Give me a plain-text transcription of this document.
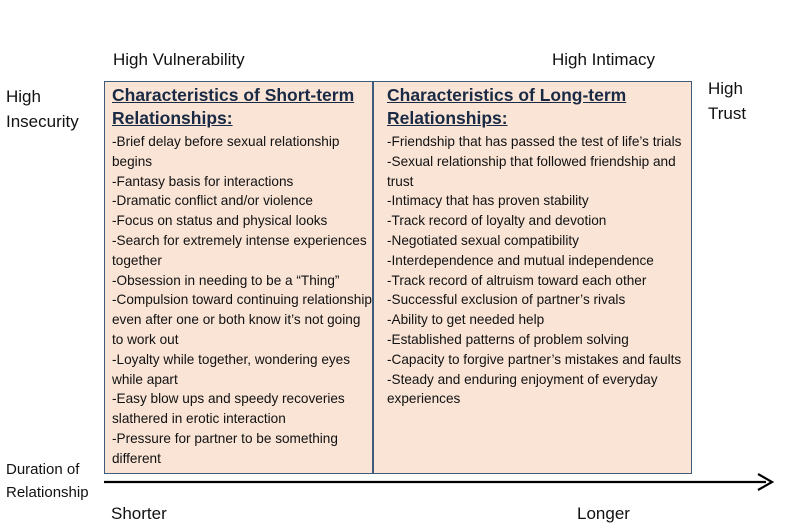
High Vulnerability	High Intimacy
High
Insecurity
High
Trust
Characteristics of Short-term
Relationships:
-Brief delay before sexual relationship begins
-Fantasy basis for interactions
-Dramatic conflict and/or violence
-Focus on status and physical looks
-Search for extremely intense experiences together
-Obsession in needing to be a “Thing”
-Compulsion toward continuing relationship even after one or both know it’s not going to work out
-Loyalty while together, wondering eyes while apart
-Easy blow ups and speedy recoveries slathered in erotic interaction
-Pressure for partner to be something different
Characteristics of Long-term
Relationships:
-Friendship that has passed the test of life’s trials
-Sexual relationship that followed friendship and trust
-Intimacy that has proven stability
-Track record of loyalty and devotion
-Negotiated sexual compatibility
-Interdependence and mutual independence
-Track record of altruism toward each other
-Successful exclusion of partner’s rivals
-Ability to get needed help
-Established patterns of problem solving
-Capacity to forgive partner’s mistakes and faults
-Steady and enduring enjoyment of everyday experiences
Duration of
Relationship
Shorter	Longer
